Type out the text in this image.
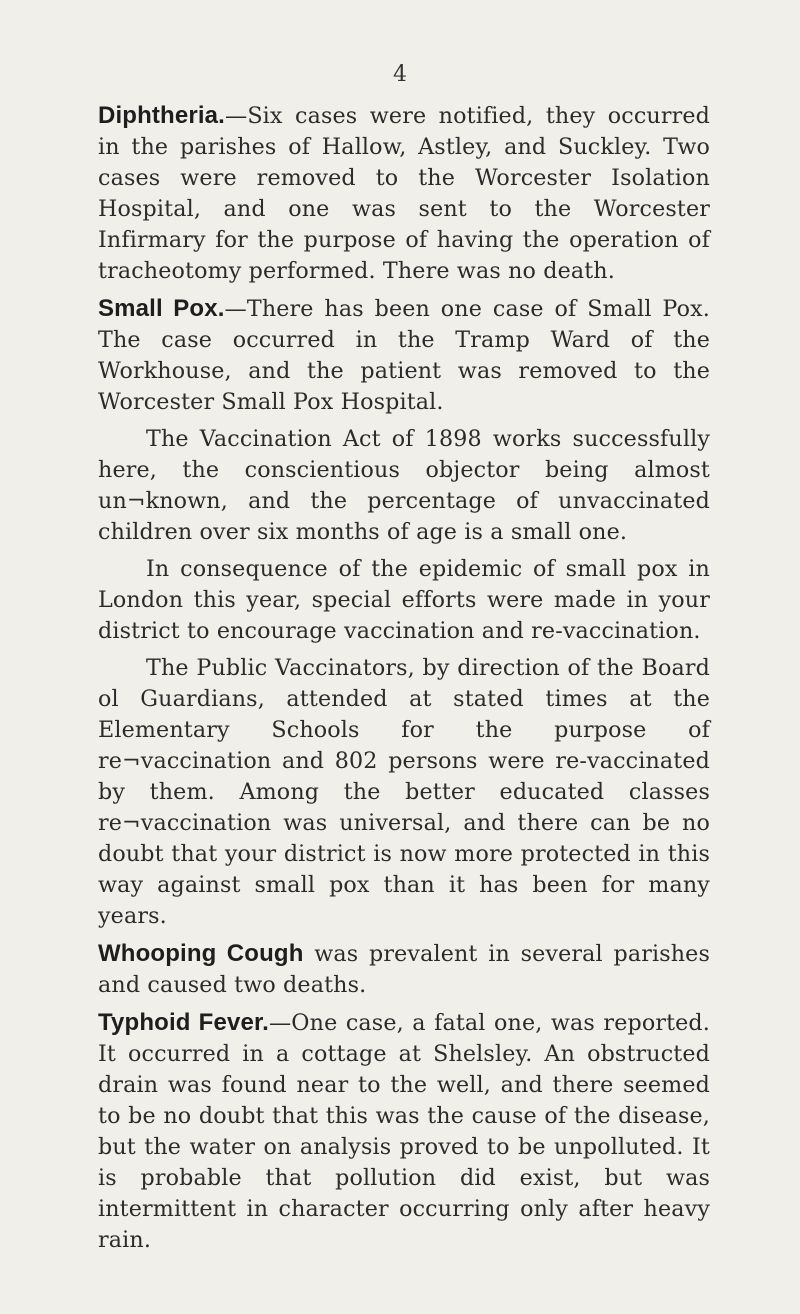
4

Diphtheria.—Six cases were notified, they occurred in the parishes of Hallow, Astley, and Suckley. Two cases were removed to the Worcester Isolation Hospital, and one was sent to the Worcester Infirmary for the purpose of having the operation of tracheotomy performed. There was no death.

Small Pox.—There has been one case of Small Pox. The case occurred in the Tramp Ward of the Workhouse, and the patient was removed to the Worcester Small Pox Hospital.

The Vaccination Act of 1898 works successfully here, the conscientious objector being almost un¬known, and the percentage of unvaccinated children over six months of age is a small one.

In consequence of the epidemic of small pox in London this year, special efforts were made in your district to encourage vaccination and re-vaccination.

The Public Vaccinators, by direction of the Board ol Guardians, attended at stated times at the Elementary Schools for the purpose of re¬vaccination and 802 persons were re-vaccinated by them. Among the better educated classes re¬vaccination was universal, and there can be no doubt that your district is now more protected in this way against small pox than it has been for many years.

Whooping Cough was prevalent in several parishes and caused two deaths.

Typhoid Fever.—One case, a fatal one, was reported. It occurred in a cottage at Shelsley. An obstructed drain was found near to the well, and there seemed to be no doubt that this was the cause of the disease, but the water on analysis proved to be unpolluted. It is probable that pollution did exist, but was intermittent in character occurring only after heavy rain.
